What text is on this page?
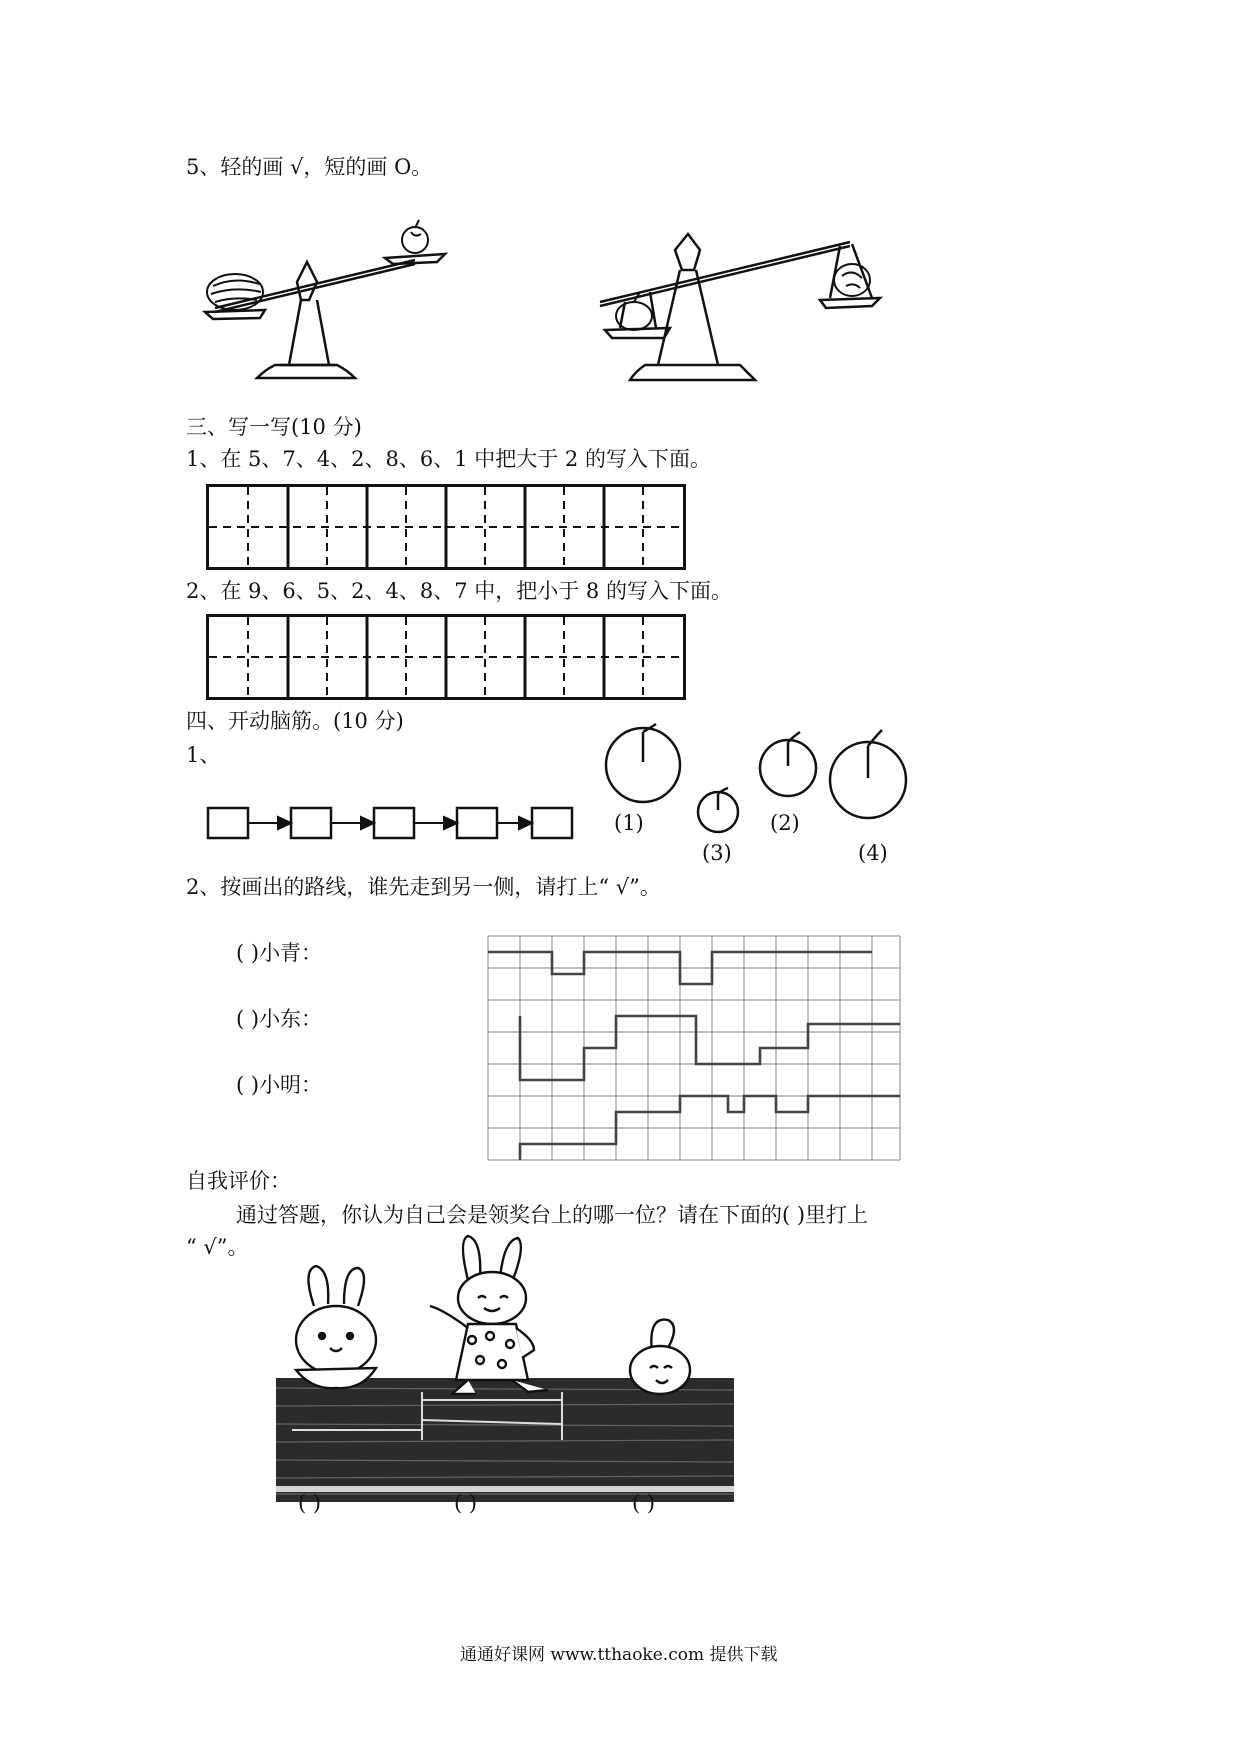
5、轻的画 √，短的画 O。
三、写一写(10 分)
1、在 5、7、4、2、8、6、1 中把大于 2 的写入下面。
2、在 9、6、5、2、4、8、7 中，把小于 8 的写入下面。
四、开动脑筋。(10 分)
1、
(1)	(2)
(3)	(4)
2、按画出的路线，谁先走到另一侧，请打上“ √”。
( )小青：
( )小东：
( )小明：
自我评价：
通过答题，你认为自己会是领奖台上的哪一位？请在下面的( )里打上
“ √”。
( )	( )	( )
通通好课网 www.tthaoke.com 提供下载
